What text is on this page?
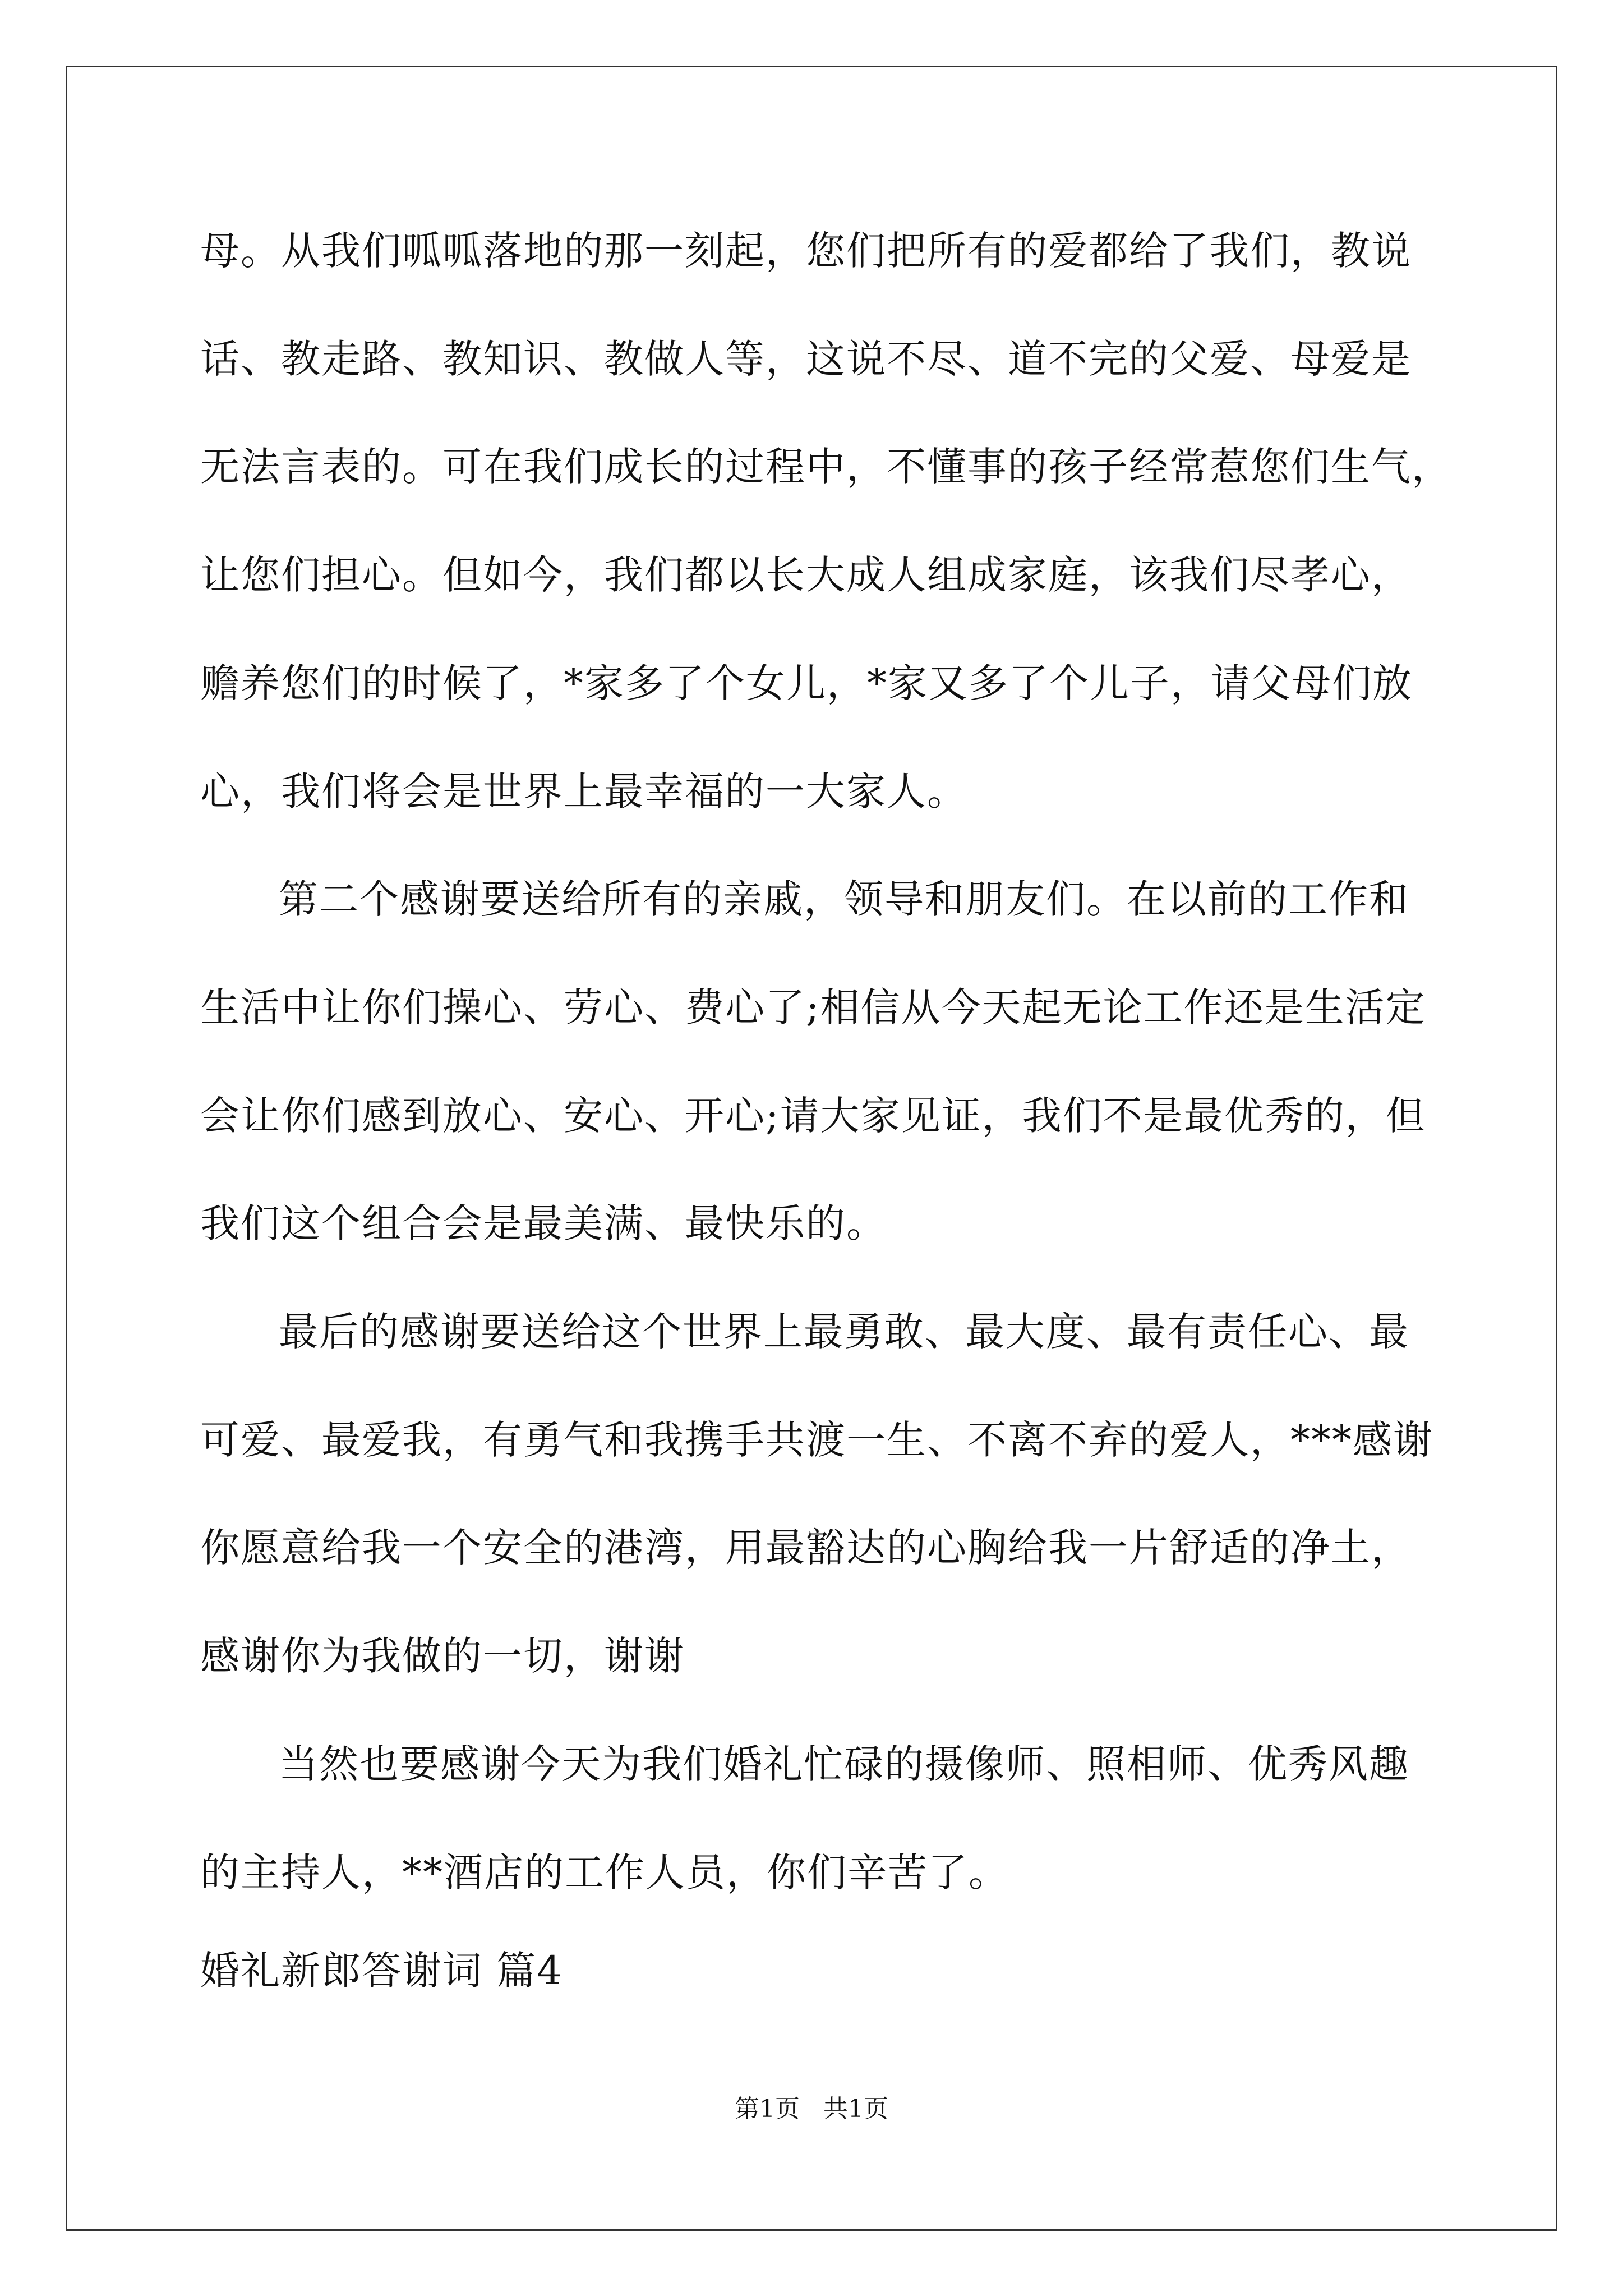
母。从我们呱呱落地的那一刻起，您们把所有的爱都给了我们，教说
话、教走路、教知识、教做人等，这说不尽、道不完的父爱、母爱是
无法言表的。可在我们成长的过程中，不懂事的孩子经常惹您们生气，
让您们担心。但如今，我们都以长大成人组成家庭，该我们尽孝心，
赡养您们的时候了，*家多了个女儿，*家又多了个儿子，请父母们放
心，我们将会是世界上最幸福的一大家人。
第二个感谢要送给所有的亲戚，领导和朋友们。在以前的工作和
生活中让你们操心、劳心、费心了;相信从今天起无论工作还是生活定
会让你们感到放心、安心、开心;请大家见证，我们不是最优秀的，但
我们这个组合会是最美满、最快乐的。
最后的感谢要送给这个世界上最勇敢、最大度、最有责任心、最
可爱、最爱我，有勇气和我携手共渡一生、不离不弃的爱人，***感谢
你愿意给我一个安全的港湾，用最豁达的心胸给我一片舒适的净土，
感谢你为我做的一切，谢谢
当然也要感谢今天为我们婚礼忙碌的摄像师、照相师、优秀风趣
的主持人，**酒店的工作人员，你们辛苦了。
婚礼新郎答谢词 篇4
第1页   共1页
